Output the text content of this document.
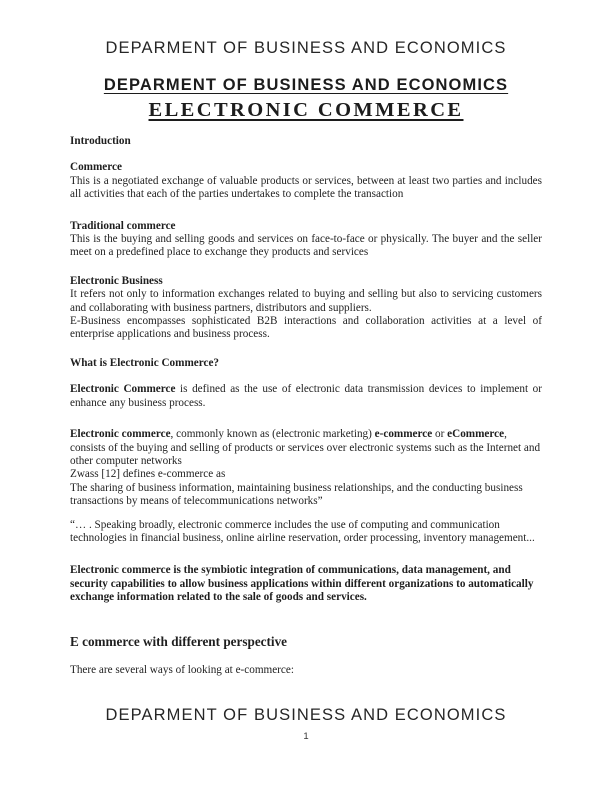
DEPARMENT OF BUSINESS AND ECONOMICS
DEPARMENT OF BUSINESS AND ECONOMICS
ELECTRONIC COMMERCE
Introduction
Commerce

This is a negotiated exchange of valuable products or services, between at least two parties and includes all activities that each of the parties undertakes to complete the transaction

Traditional commerce

This is the buying and selling goods and services on face-to-face or physically. The buyer and the seller meet on a predefined place to exchange they products and services

Electronic Business

It refers not only to information exchanges related to buying and selling but also to servicing customers and collaborating with business partners, distributors and suppliers.

E-Business encompasses sophisticated B2B interactions and collaboration activities at a level of enterprise applications and business process.

What is Electronic Commerce?

Electronic Commerce is defined as the use of electronic data transmission devices to implement or enhance any business process.

Electronic commerce, commonly known as (electronic marketing) e-commerce or eCommerce, consists of the buying and selling of products or services over electronic systems such as the Internet and other computer networks

Zwass [12] defines e-commerce as

The sharing of business information, maintaining business relationships, and the conducting business transactions by means of telecommunications networks”

“… . Speaking broadly, electronic commerce includes the use of computing and communication technologies in financial business, online airline reservation, order processing, inventory management...

Electronic commerce is the symbiotic integration of communications, data management, and security capabilities to allow business applications within different organizations to automatically exchange information related to the sale of goods and services.

E commerce with different perspective

There are several ways of looking at e-commerce:

DEPARMENT OF BUSINESS AND ECONOMICS
1
